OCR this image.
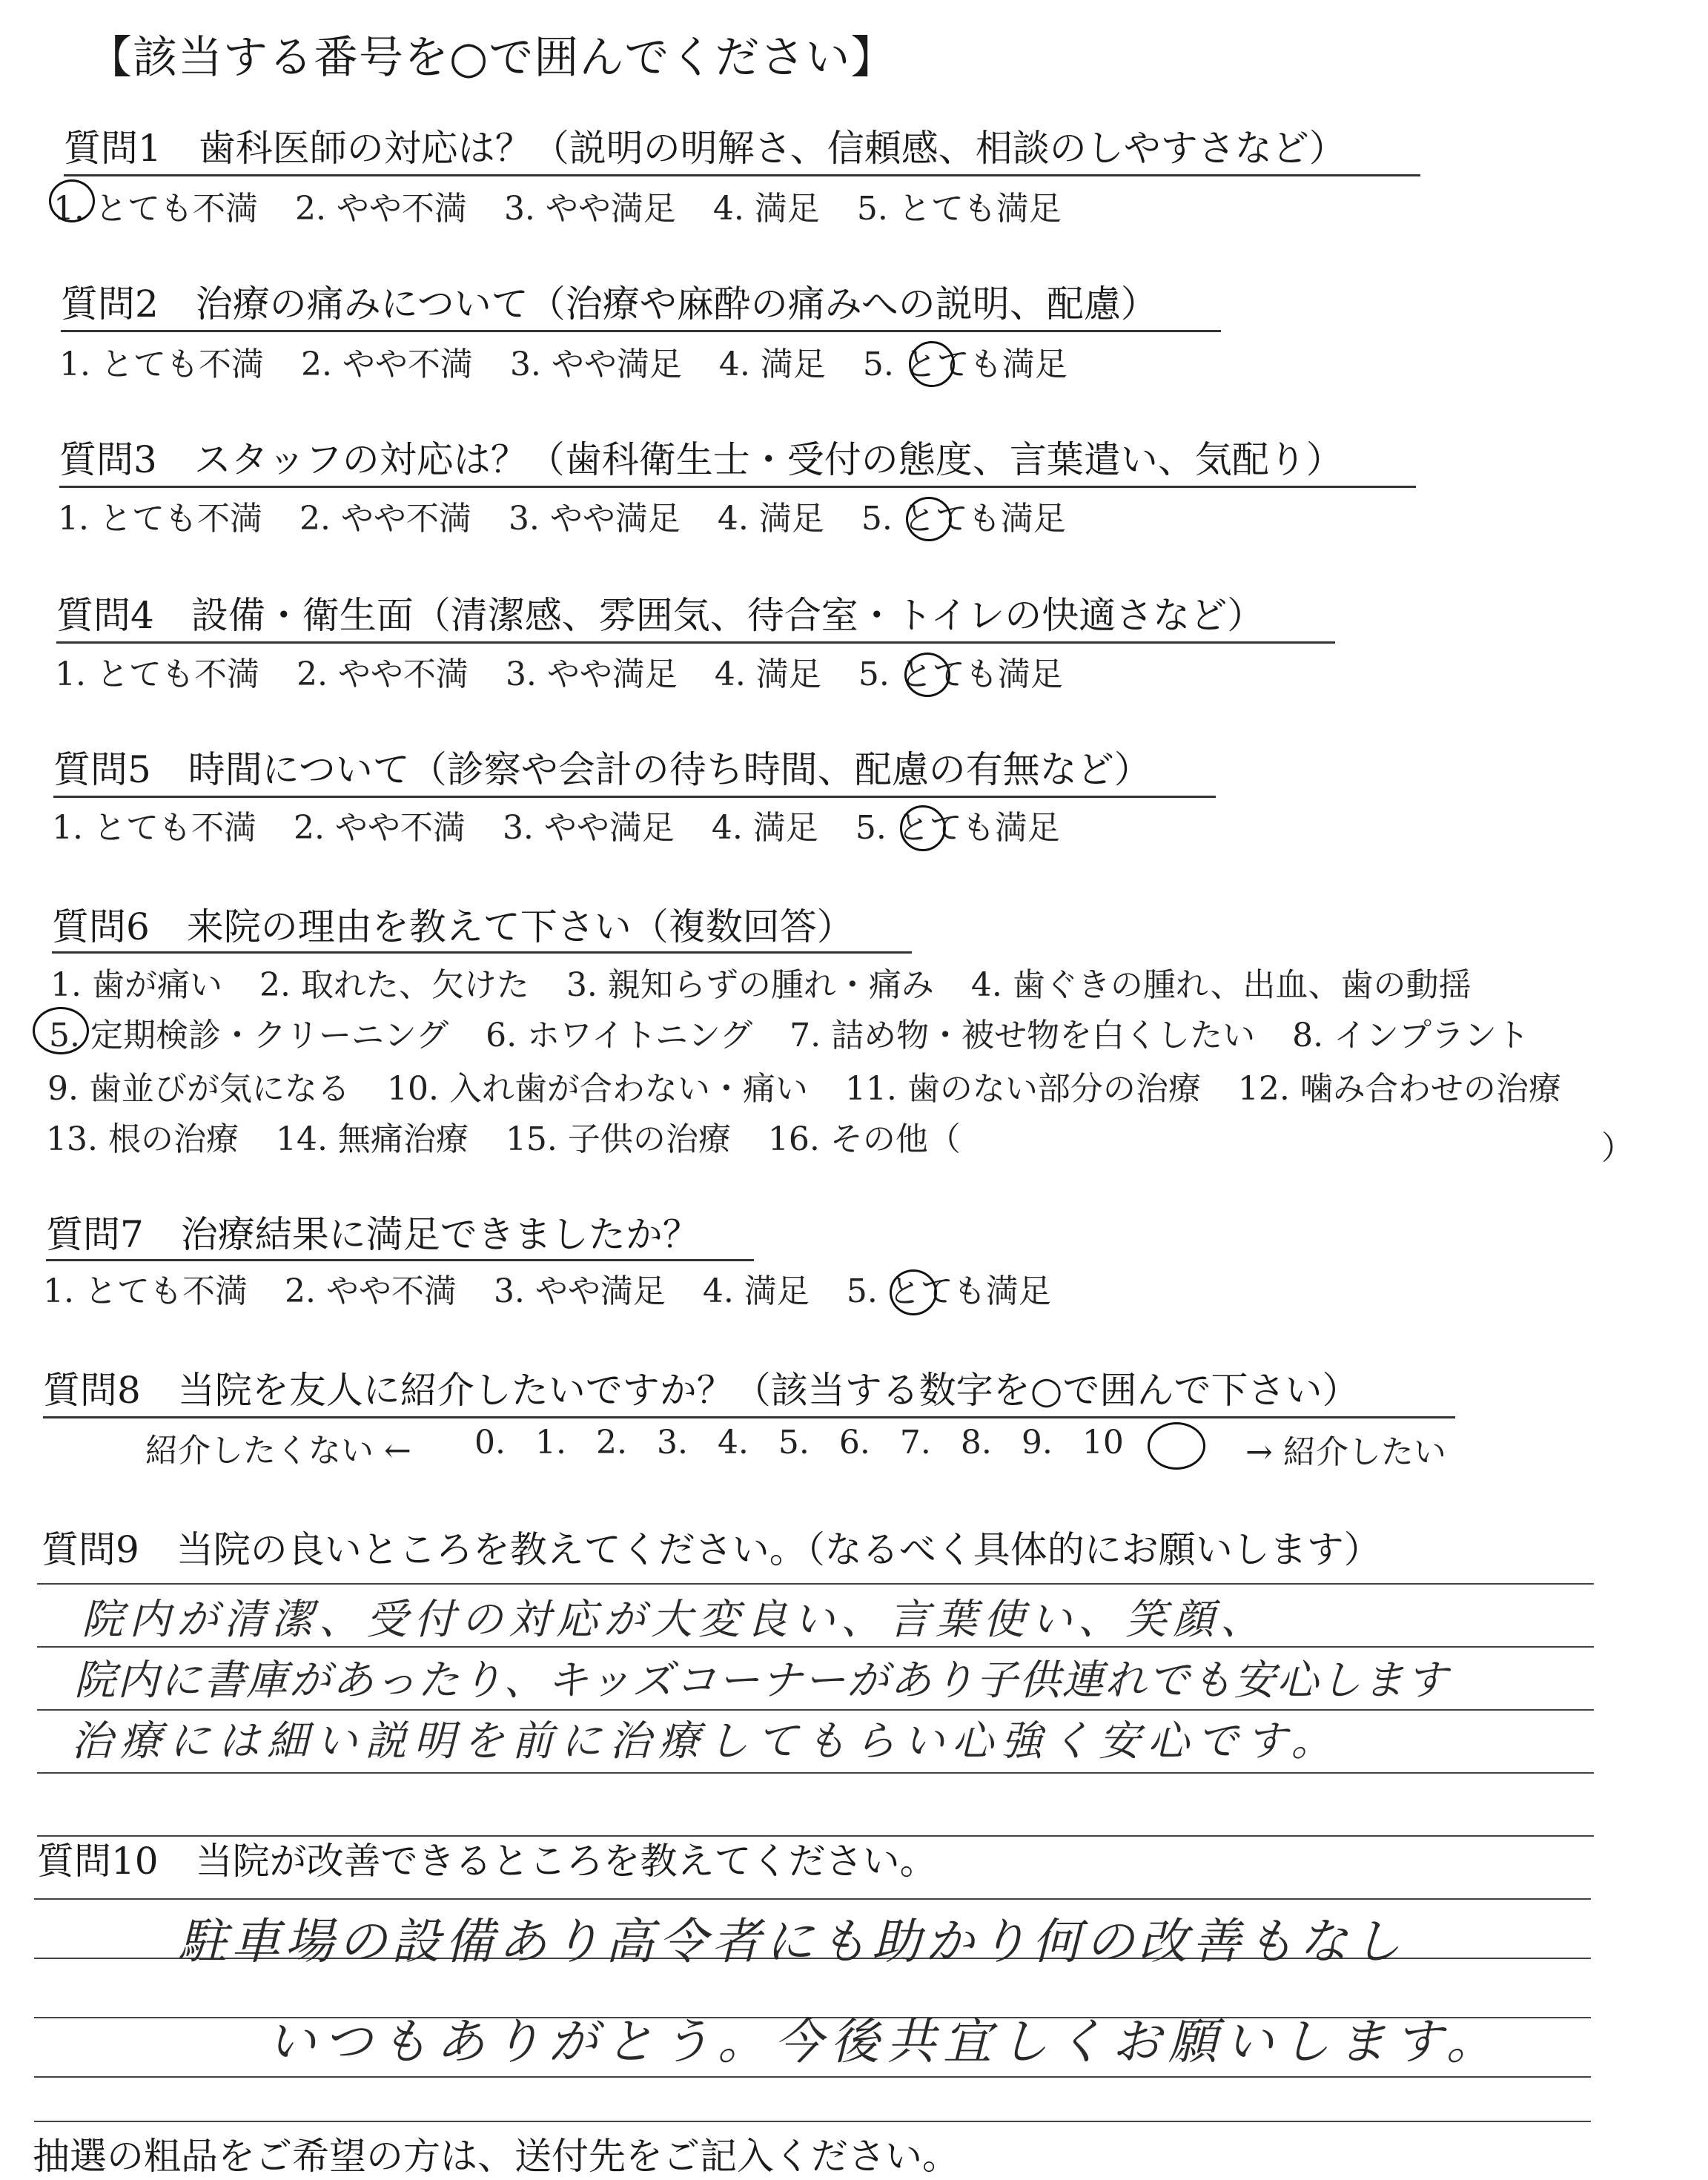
【該当する番号を○で囲んでください】
質問1　歯科医師の対応は？（説明の明解さ、信頼感、相談のしやすさなど）
1. とても不満 2. やや不満 3. やや満足 4. 満足 5. とても満足
質問2　治療の痛みについて（治療や麻酔の痛みへの説明、配慮）
1. とても不満 2. やや不満 3. やや満足 4. 満足 5. とても満足
質問3　スタッフの対応は？（歯科衛生士・受付の態度、言葉遣い、気配り）
1. とても不満 2. やや不満 3. やや満足 4. 満足 5. とても満足
質問4　設備・衛生面（清潔感、雰囲気、待合室・トイレの快適さなど）
1. とても不満 2. やや不満 3. やや満足 4. 満足 5. とても満足
質問5　時間について（診察や会計の待ち時間、配慮の有無など）
1. とても不満 2. やや不満 3. やや満足 4. 満足 5. とても満足
質問6　来院の理由を教えて下さい（複数回答）
1. 歯が痛い 2. 取れた、欠けた 3. 親知らずの腫れ・痛み 4. 歯ぐきの腫れ、出血、歯の動揺
5. 定期検診・クリーニング 6. ホワイトニング 7. 詰め物・被せ物を白くしたい 8. インプラント
9. 歯並びが気になる 10. 入れ歯が合わない・痛い 11. 歯のない部分の治療 12. 噛み合わせの治療
13. 根の治療 14. 無痛治療 15. 子供の治療 16. その他（	）
質問7　治療結果に満足できましたか？
1. とても不満 2. やや不満 3. やや満足 4. 満足 5. とても満足
質問8　当院を友人に紹介したいですか？（該当する数字を○で囲んで下さい）
紹介したくない ← 0. 1. 2. 3. 4. 5. 6. 7. 8. 9. 10	→ 紹介したい
質問9　当院の良いところを教えてください。（なるべく具体的にお願いします）
院内が清潔、受付の対応が大変良い、言葉使い、笑顔、
院内に書庫があったり、キッズコーナーがあり子供連れでも安心します
治療には細い説明を前に治療してもらい心強く安心です。
質問10　当院が改善できるところを教えてください。
駐車場の設備あり高令者にも助かり何の改善もなし
いつもありがとう。今後共宜しくお願いします。
抽選の粗品をご希望の方は、送付先をご記入ください。
